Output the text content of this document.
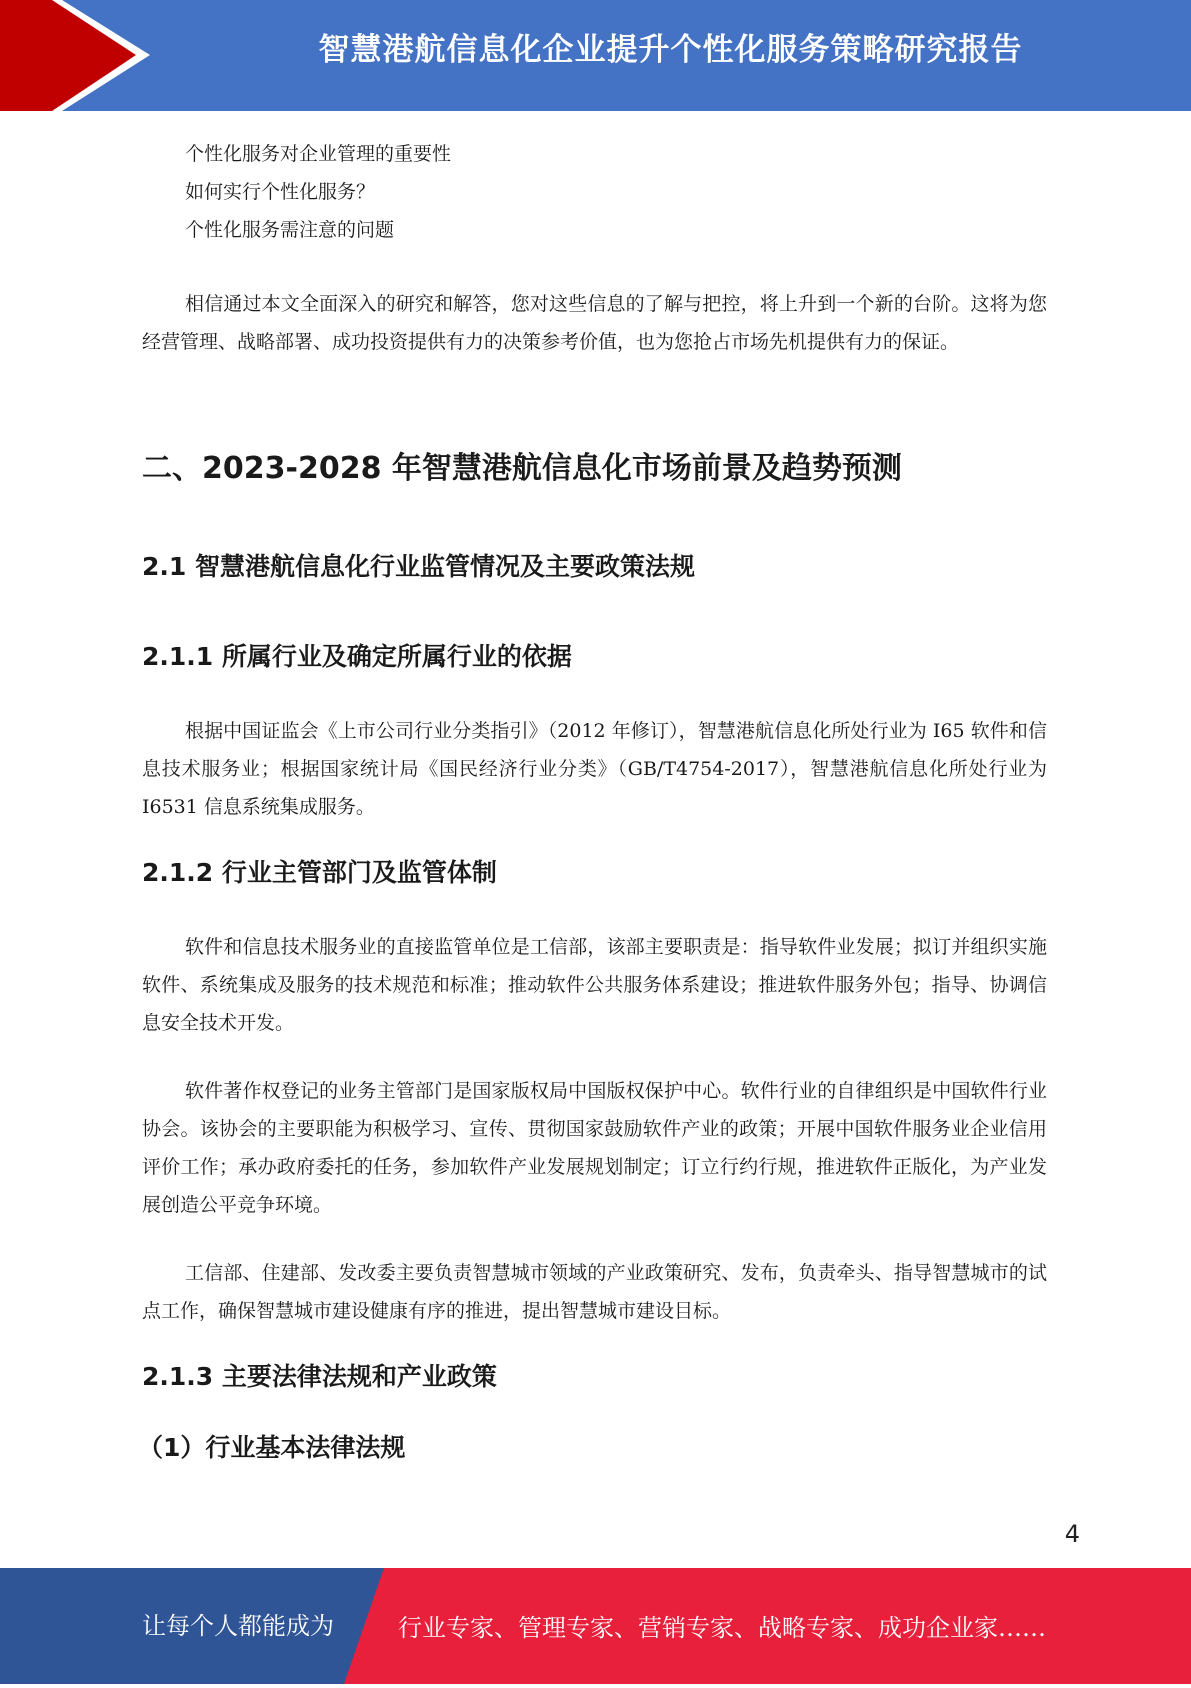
智慧港航信息化企业提升个性化服务策略研究报告
个性化服务对企业管理的重要性
如何实行个性化服务？
个性化服务需注意的问题

相信通过本文全面深入的研究和解答，您对这些信息的了解与把控，将上升到一个新的台阶。这将为您经营管理、战略部署、成功投资提供有力的决策参考价值，也为您抢占市场先机提供有力的保证。

二、2023-2028 年智慧港航信息化市场前景及趋势预测
2.1 智慧港航信息化行业监管情况及主要政策法规
2.1.1 所属行业及确定所属行业的依据

根据中国证监会《上市公司行业分类指引》（2012 年修订），智慧港航信息化所处行业为 I65 软件和信息技术服务业；根据国家统计局《国民经济行业分类》（GB/T4754-2017），智慧港航信息化所处行业为 I6531 信息系统集成服务。

2.1.2 行业主管部门及监管体制

软件和信息技术服务业的直接监管单位是工信部，该部主要职责是：指导软件业发展；拟订并组织实施软件、系统集成及服务的技术规范和标准；推动软件公共服务体系建设；推进软件服务外包；指导、协调信息安全技术开发。

软件著作权登记的业务主管部门是国家版权局中国版权保护中心。软件行业的自律组织是中国软件行业协会。该协会的主要职能为积极学习、宣传、贯彻国家鼓励软件产业的政策；开展中国软件服务业企业信用评价工作；承办政府委托的任务，参加软件产业发展规划制定；订立行约行规，推进软件正版化，为产业发展创造公平竞争环境。

工信部、住建部、发改委主要负责智慧城市领域的产业政策研究、发布，负责牵头、指导智慧城市的试点工作，确保智慧城市建设健康有序的推进，提出智慧城市建设目标。

2.1.3 主要法律法规和产业政策
（1）行业基本法律法规
4
让每个人都能成为	行业专家、管理专家、营销专家、战略专家、成功企业家……
